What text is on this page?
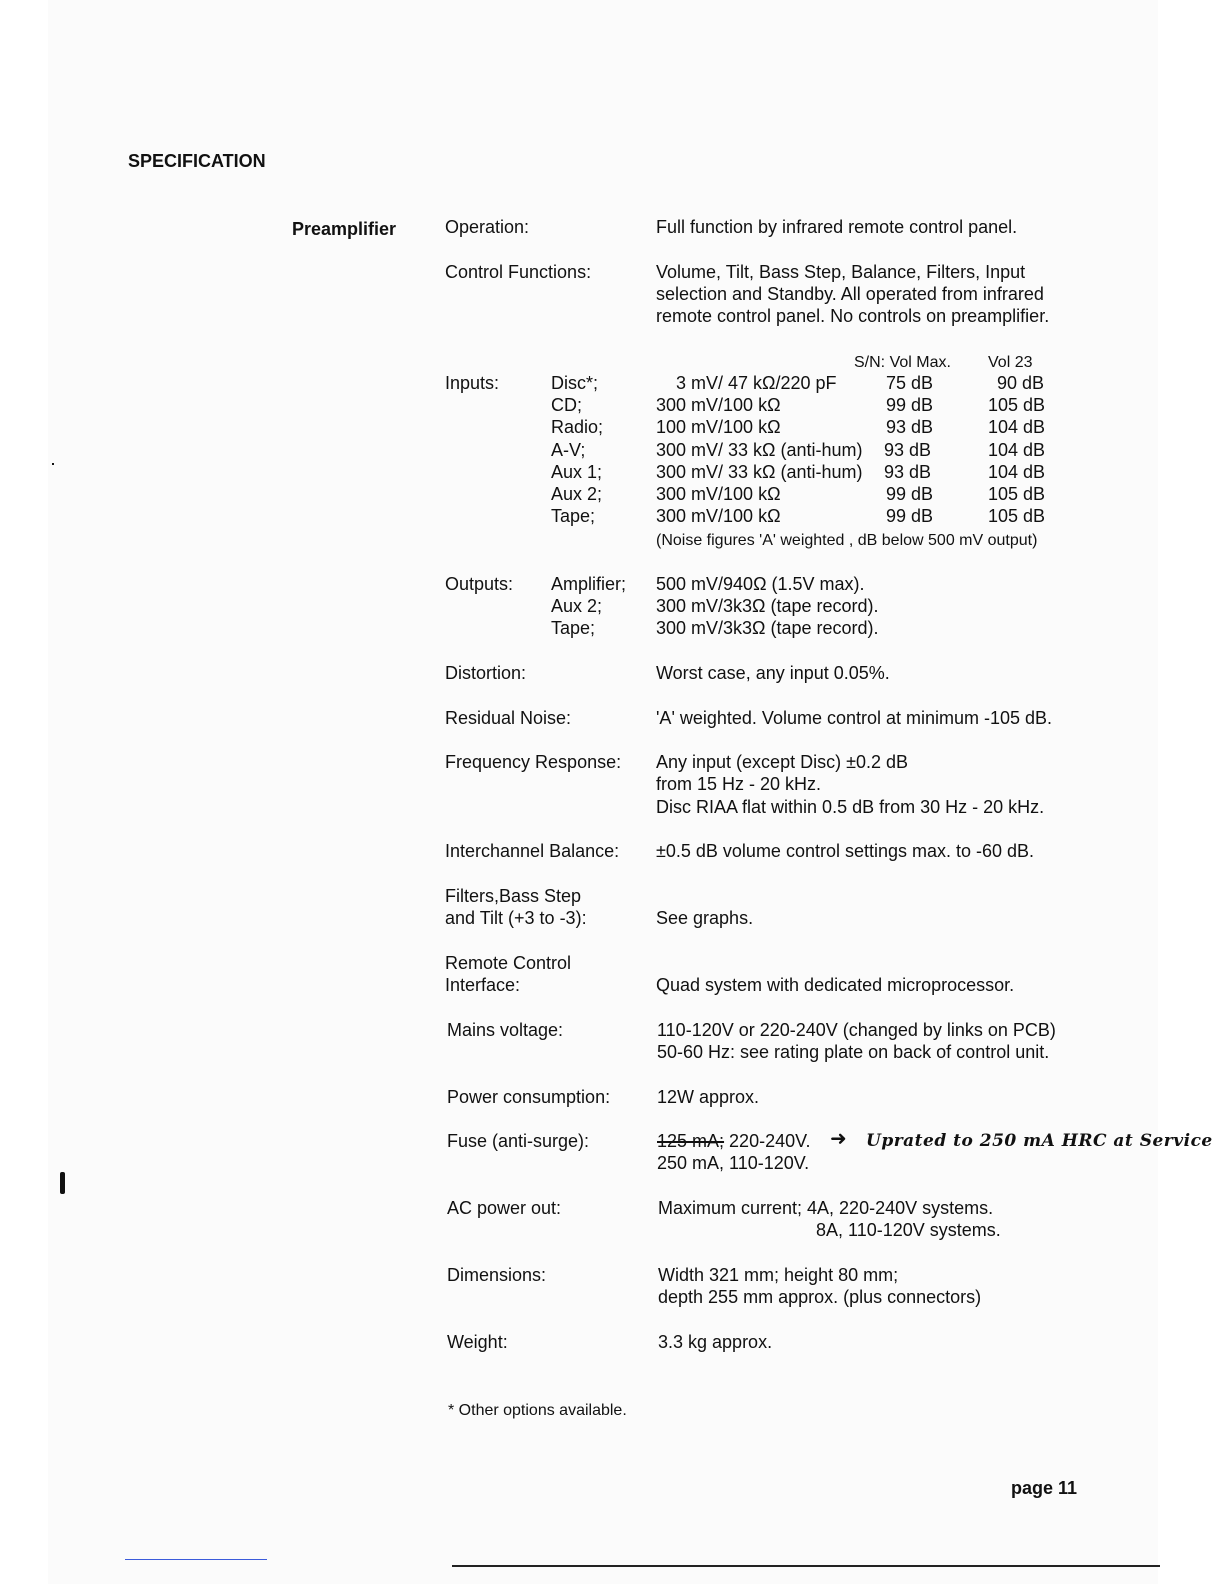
SPECIFICATION
Preamplifier	Operation:	Full function by infrared remote control panel.
Control Functions:	Volume, Tilt, Bass Step, Balance, Filters, Input
selection and Standby. All operated from infrared
remote control panel. No controls on preamplifier.
S/N: Vol Max. Vol 23
Inputs:	Disc*;	3 mV/ 47 kΩ/220 pF	75 dB	90 dB
CD;	300 mV/100 kΩ	99 dB	105 dB
Radio;	100 mV/100 kΩ	93 dB	104 dB
A-V;	300 mV/ 33 kΩ (anti-hum) 93 dB	104 dB
Aux 1;	300 mV/ 33 kΩ (anti-hum) 93 dB	104 dB
Aux 2;	300 mV/100 kΩ	99 dB	105 dB
Tape;	300 mV/100 kΩ	99 dB	105 dB
(Noise figures 'A' weighted , dB below 500 mV output)
Outputs: Amplifier; 500 mV/940Ω (1.5V max).
Aux 2;	300 mV/3k3Ω (tape record).
Tape;	300 mV/3k3Ω (tape record).
Distortion:	Worst case, any input 0.05%.
Residual Noise:	'A' weighted. Volume control at minimum -105 dB.
Frequency Response: Any input (except Disc) ±0.2 dB
from 15 Hz - 20 kHz.
Disc RIAA flat within 0.5 dB from 30 Hz - 20 kHz.
Interchannel Balance: ±0.5 dB volume control settings max. to -60 dB.
Filters,Bass Step
and Tilt (+3 to -3):	See graphs.
Remote Control
Interface:	Quad system with dedicated microprocessor.
Mains voltage:	110-120V or 220-240V (changed by links on PCB)
50-60 Hz: see rating plate on back of control unit.
Power consumption:	12W approx.
Fuse (anti-surge):	125 mA; 220-240V. ➜ Uprated to 250 mA HRC at Service
250 mA, 110-120V.
AC power out:	Maximum current; 4A, 220-240V systems.
8A, 110-120V systems.
Dimensions:	Width 321 mm; height 80 mm;
depth 255 mm approx. (plus connectors)
Weight:	3.3 kg approx.
* Other options available.
page 11
